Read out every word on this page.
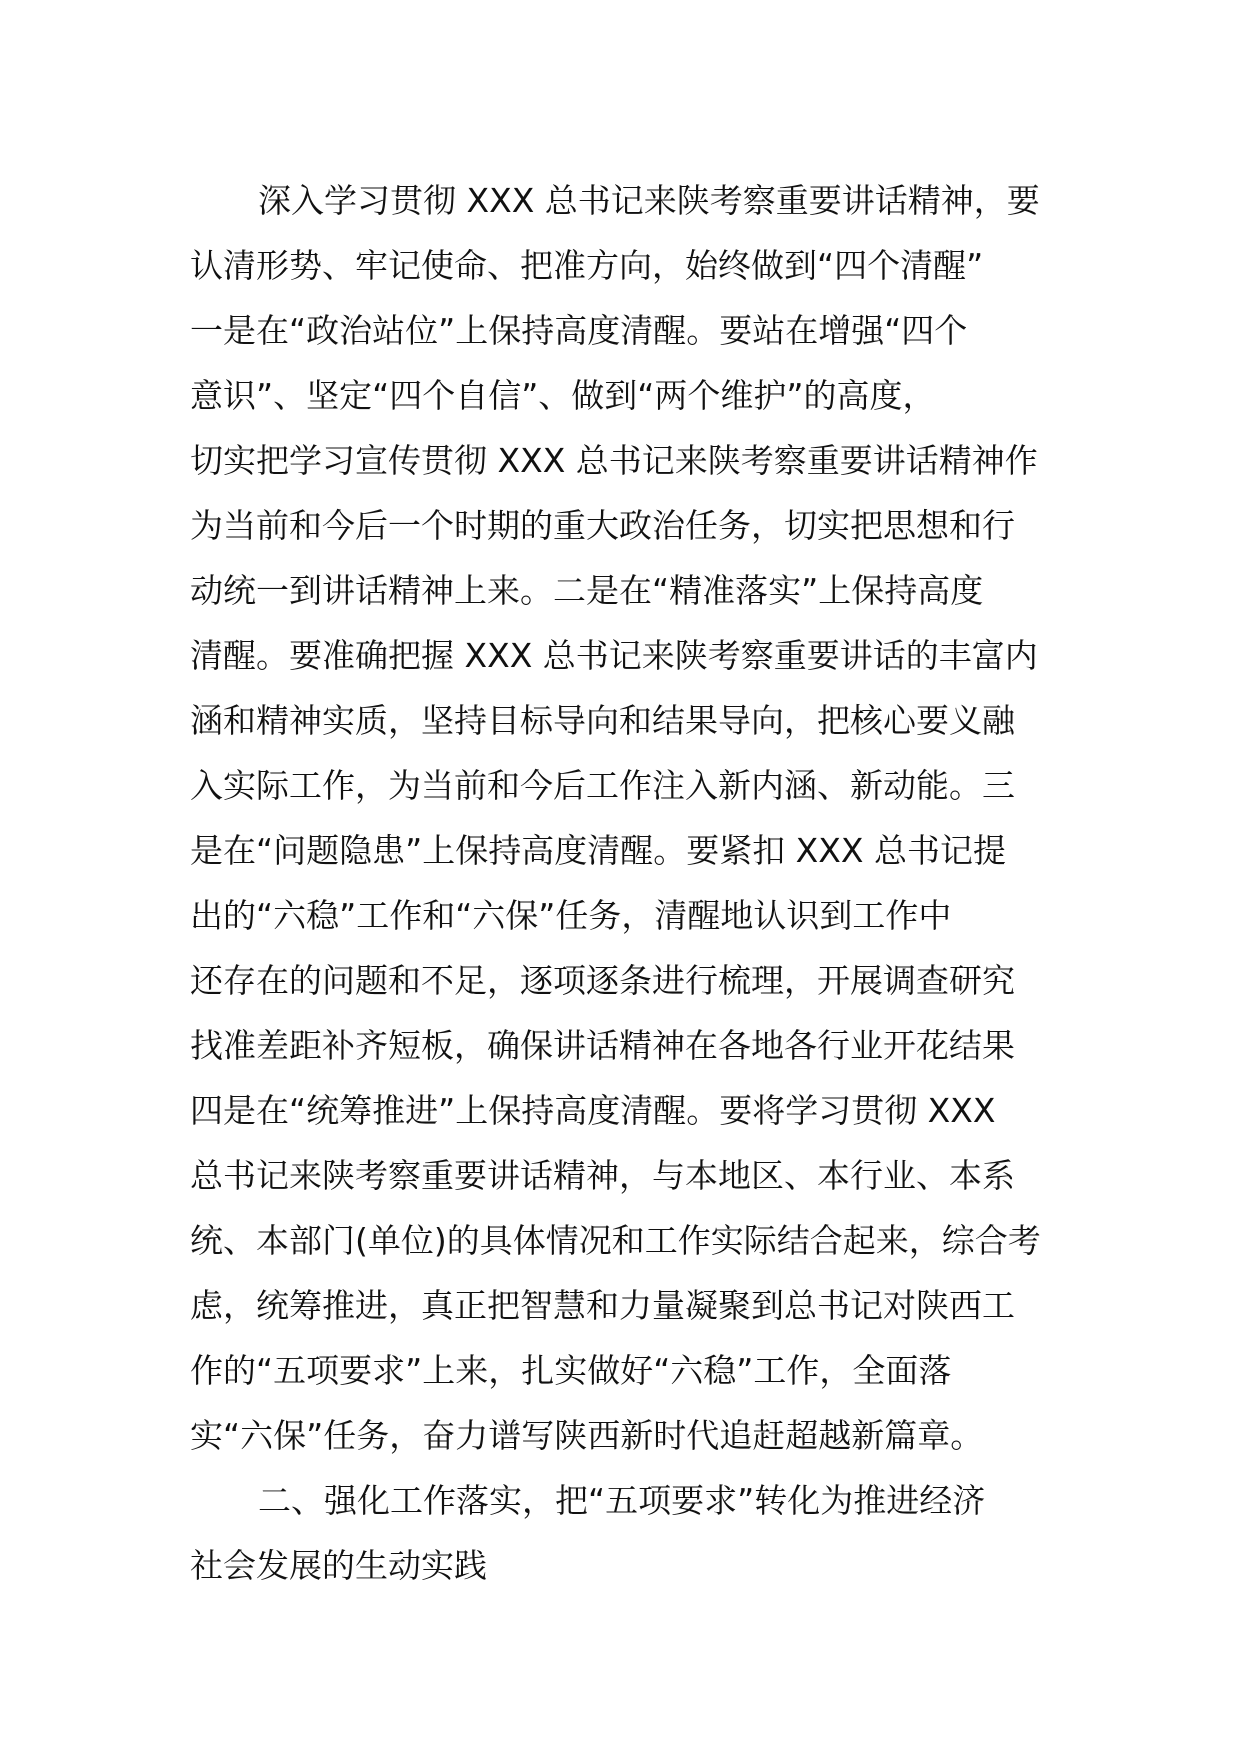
深入学习贯彻 XXX 总书记来陕考察重要讲话精神，要
认清形势、牢记使命、把准方向，始终做到“四个清醒”
一是在“政治站位”上保持高度清醒。要站在增强“四个
意识”、坚定“四个自信”、做到“两个维护”的高度，
切实把学习宣传贯彻 XXX 总书记来陕考察重要讲话精神作
为当前和今后一个时期的重大政治任务，切实把思想和行
动统一到讲话精神上来。二是在“精准落实”上保持高度
清醒。要准确把握 XXX 总书记来陕考察重要讲话的丰富内
涵和精神实质，坚持目标导向和结果导向，把核心要义融
入实际工作，为当前和今后工作注入新内涵、新动能。三
是在“问题隐患”上保持高度清醒。要紧扣 XXX 总书记提
出的“六稳”工作和“六保”任务，清醒地认识到工作中
还存在的问题和不足，逐项逐条进行梳理，开展调查研究
找准差距补齐短板，确保讲话精神在各地各行业开花结果
四是在“统筹推进”上保持高度清醒。要将学习贯彻 XXX
总书记来陕考察重要讲话精神，与本地区、本行业、本系
统、本部门(单位)的具体情况和工作实际结合起来，综合考
虑，统筹推进，真正把智慧和力量凝聚到总书记对陕西工
作的“五项要求”上来，扎实做好“六稳”工作，全面落
实“六保”任务，奋力谱写陕西新时代追赶超越新篇章。
二、强化工作落实，把“五项要求”转化为推进经济
社会发展的生动实践
